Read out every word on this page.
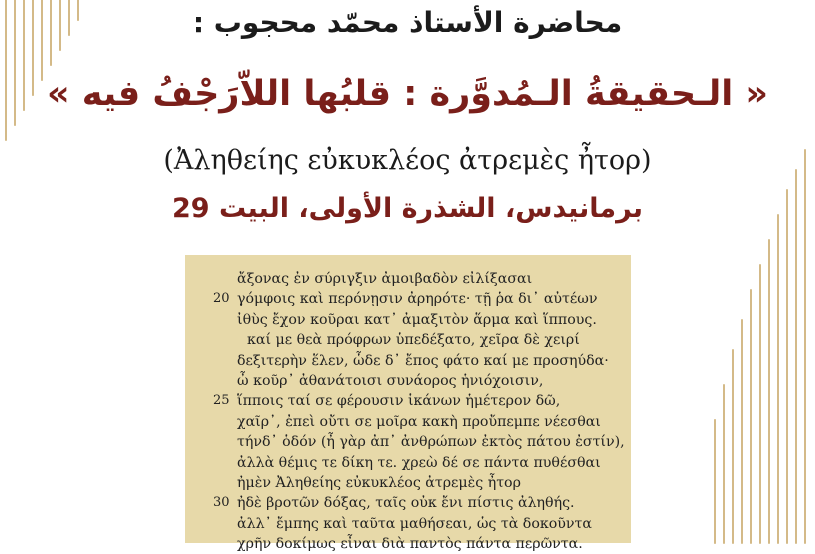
محاضرة الأستاذ محمّد محجوب :
« الـحقيقةُ الـمُدوَّرة : قلبُها اللاّرَجْفُ فيه »
(Ἀληθείης εὐκυκλέος ἀτρεμὲς ἦτορ)
برمانيدس، الشذرة الأولى، البيت 29
ἄξονας ἐν σύριγξιν ἀμοιβαδὸν εἰλίξασαι
20 γόμφοις καὶ περόνῃσιν ἀρηρότε· τῇ ῥα δι᾽ αὐτέων
ἰθὺς ἔχον κοῦραι κατ᾽ ἀμαξιτὸν ἅρμα καὶ ἵππους.
καί με θεὰ πρόφρων ὑπεδέξατο, χεῖρα δὲ χειρί
δεξιτερὴν ἕλεν, ὧδε δ᾽ ἔπος φάτο καί με προσηύδα·
ὦ κοῦρ᾽ ἀθανάτοισι συνάορος ἡνιόχοισιν,
25 ἵπποις ταί σε φέρουσιν ἱκάνων ἡμέτερον δῶ,
χαῖρ᾽, ἐπεὶ οὔτι σε μοῖρα κακὴ προὔπεμπε νέεσθαι
τήνδ᾽ ὁδόν (ἦ γὰρ ἀπ᾽ ἀνθρώπων ἐκτὸς πάτου ἐστίν),
ἀλλὰ θέμις τε δίκη τε. χρεὼ δέ σε πάντα πυθέσθαι
ἠμὲν Ἀληθείης εὐκυκλέος ἀτρεμὲς ἦτορ
30 ἠδὲ βροτῶν δόξας, ταῖς οὐκ ἔνι πίστις ἀληθής.
ἀλλ᾽ ἔμπης καὶ ταῦτα μαθήσεαι, ὡς τὰ δοκοῦντα
χρῆν δοκίμως εἶναι διὰ παντὸς πάντα περῶντα.
